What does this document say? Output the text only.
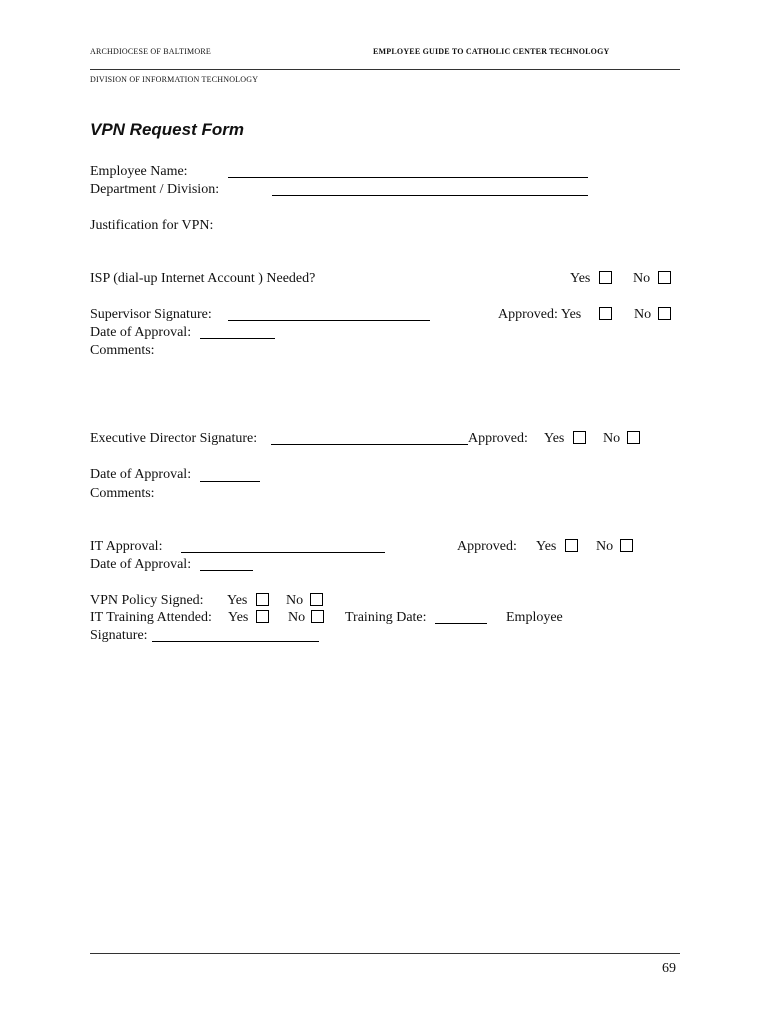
ARCHDIOCESE OF BALTIMORE	EMPLOYEE GUIDE TO CATHOLIC CENTER TECHNOLOGY
DIVISION OF INFORMATION TECHNOLOGY
VPN Request Form
Employee Name:
Department / Division:
Justification for VPN:
ISP (dial-up Internet Account ) Needed?	Yes	No
Supervisor Signature:	Approved: Yes	No
Date of Approval:
Comments:
Executive Director Signature:	Approved: Yes	No
Date of Approval:
Comments:
IT Approval:	Approved: Yes	No
Date of Approval:
VPN Policy Signed: Yes	No
IT Training Attended: Yes	No	Training Date:	Employee
Signature:
69
